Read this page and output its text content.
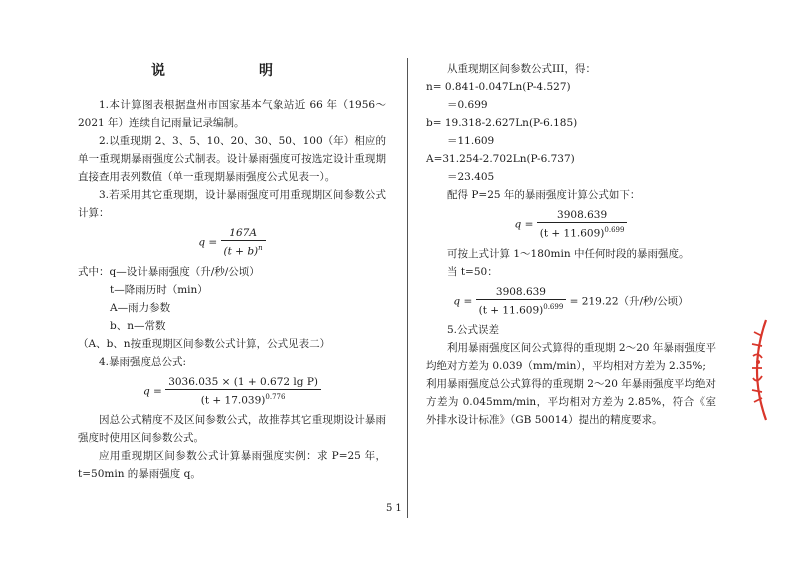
说　明

1.本计算图表根据盘州市国家基本气象站近 66 年（1956～2021 年）连续自记雨量记录编制。

2.以重现期 2、3、5、10、20、30、50、100（年）相应的单一重现期暴雨强度公式制表。设计暴雨强度可按选定设计重现期直接查用表列数值（单一重现期暴雨强度公式见表一）。

3.若采用其它重现期，设计暴雨强度可用重现期区间参数公式计算：

$q = \frac{167A}{(t + b)^n}$

式中：q—设计暴雨强度（升/秒/公顷）

t—降雨历时（min）

A—雨力参数

b、n—常数

（A、b、n按重现期区间参数公式计算，公式见表二）

4.暴雨强度总公式:

$q = \frac{\text{3036.035 × (1 + 0.672 lg P)}}{(t + 17.039)^{0.776}}$

因总公式精度不及区间参数公式，故推荐其它重现期设计暴雨强度时使用区间参数公式。

应用重现期区间参数公式计算暴雨强度实例：求 P=25 年，t=50min 的暴雨强度 q。

从重现期区间参数公式III，得：

n= 0.841-0.047Ln(P-4.527)

＝0.699

b= 19.318-2.627Ln(P-6.185)

＝11.609

A=31.254-2.702Ln(P-6.737)

＝23.405

配得 P=25 年的暴雨强度计算公式如下：

$q = \frac{3908.639}{(t + 11.609)^{0.699}}$

可按上式计算 1～180min 中任何时段的暴雨强度。

当 t=50：

$q = \frac{3908.639}{(t + 11.609)^{0.699}} = 219.22$（升/秒/公顷）

5.公式误差

利用暴雨强度区间公式算得的重现期 2～20 年暴雨强度平均绝对方差为 0.039（mm/min），平均相对方差为 2.35%;

利用暴雨强度总公式算得的重现期 2～20 年暴雨强度平均绝对方差为 0.045mm/min，平均相对方差为 2.85%，符合《室外排水设计标准》（GB 50014）提出的精度要求。

51
